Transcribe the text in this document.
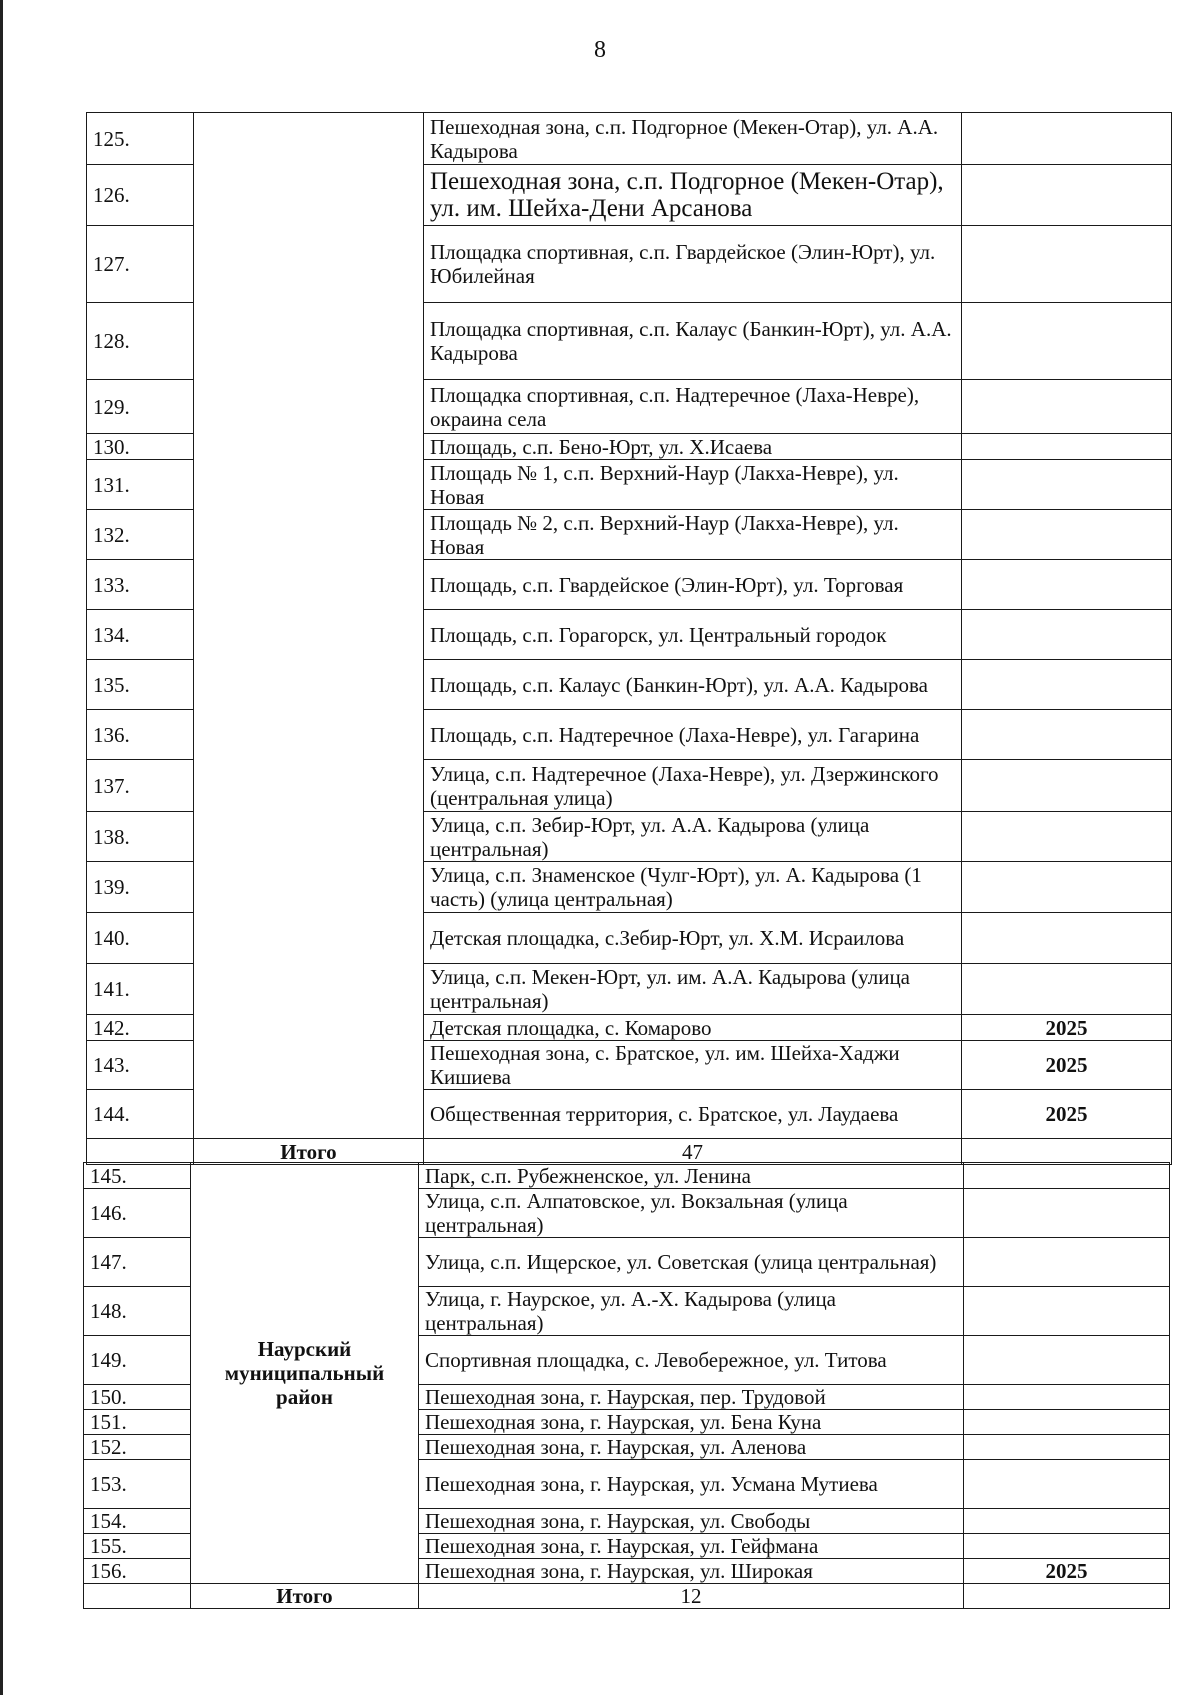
8
125.		Пешеходная зона, с.п. Подгорное (Мекен-Отар), ул. А.А. Кадырова	
126.		Пешеходная зона, с.п. Подгорное (Мекен-Отар), ул. им. Шейха-Дени Арсанова	
127.		Площадка спортивная, с.п. Гвардейское (Элин-Юрт), ул. Юбилейная	
128.		Площадка спортивная, с.п. Калаус (Банкин-Юрт), ул. А.А. Кадырова	
129.		Площадка спортивная, с.п. Надтеречное (Лаха-Невре), окраина села	
130.		Площадь, с.п. Бено-Юрт, ул. Х.Исаева	
131.		Площадь № 1, с.п. Верхний-Наур (Лакха-Невре), ул. Новая	
132.		Площадь № 2, с.п. Верхний-Наур (Лакха-Невре), ул. Новая	
133.		Площадь, с.п. Гвардейское (Элин-Юрт), ул. Торговая	
134.		Площадь, с.п. Горагорск, ул. Центральный городок	
135.		Площадь, с.п. Калаус (Банкин-Юрт), ул. А.А. Кадырова	
136.		Площадь, с.п. Надтеречное (Лаха-Невре), ул. Гагарина	
137.		Улица, с.п. Надтеречное (Лаха-Невре), ул. Дзержинского (центральная улица)	
138.		Улица, с.п. Зебир-Юрт, ул. А.А. Кадырова (улица центральная)	
139.		Улица, с.п. Знаменское (Чулг-Юрт), ул. А. Кадырова (1 часть) (улица центральная)	
140.		Детская площадка, с.Зебир-Юрт, ул. Х.М. Исраилова	
141.		Улица, с.п. Мекен-Юрт, ул. им. А.А. Кадырова (улица центральная)	
142.		Детская площадка, с. Комарово	2025
143.		Пешеходная зона, с. Братское, ул. им. Шейха-Хаджи Кишиева	2025
144.		Общественная территория, с. Братское, ул. Лаудаева	2025
	Итого	47	
145.	Наурский
муниципальный
район	Парк, с.п. Рубежненское, ул. Ленина	
146.		Улица, с.п. Алпатовское, ул. Вокзальная (улица центральная)	
147.		Улица, с.п. Ищерское, ул. Советская (улица центральная)	
148.		Улица, г. Наурское, ул. А.-Х. Кадырова (улица центральная)	
149.		Спортивная площадка, с. Левобережное, ул. Титова	
150.		Пешеходная зона, г. Наурская, пер. Трудовой	
151.		Пешеходная зона, г. Наурская, ул. Бена Куна	
152.		Пешеходная зона, г. Наурская, ул. Аленова	
153.		Пешеходная зона, г. Наурская, ул. Усмана Мутиева	
154.		Пешеходная зона, г. Наурская, ул. Свободы	
155.		Пешеходная зона, г. Наурская, ул. Гейфмана	
156.		Пешеходная зона, г. Наурская, ул. Широкая	2025
	Итого	12	
